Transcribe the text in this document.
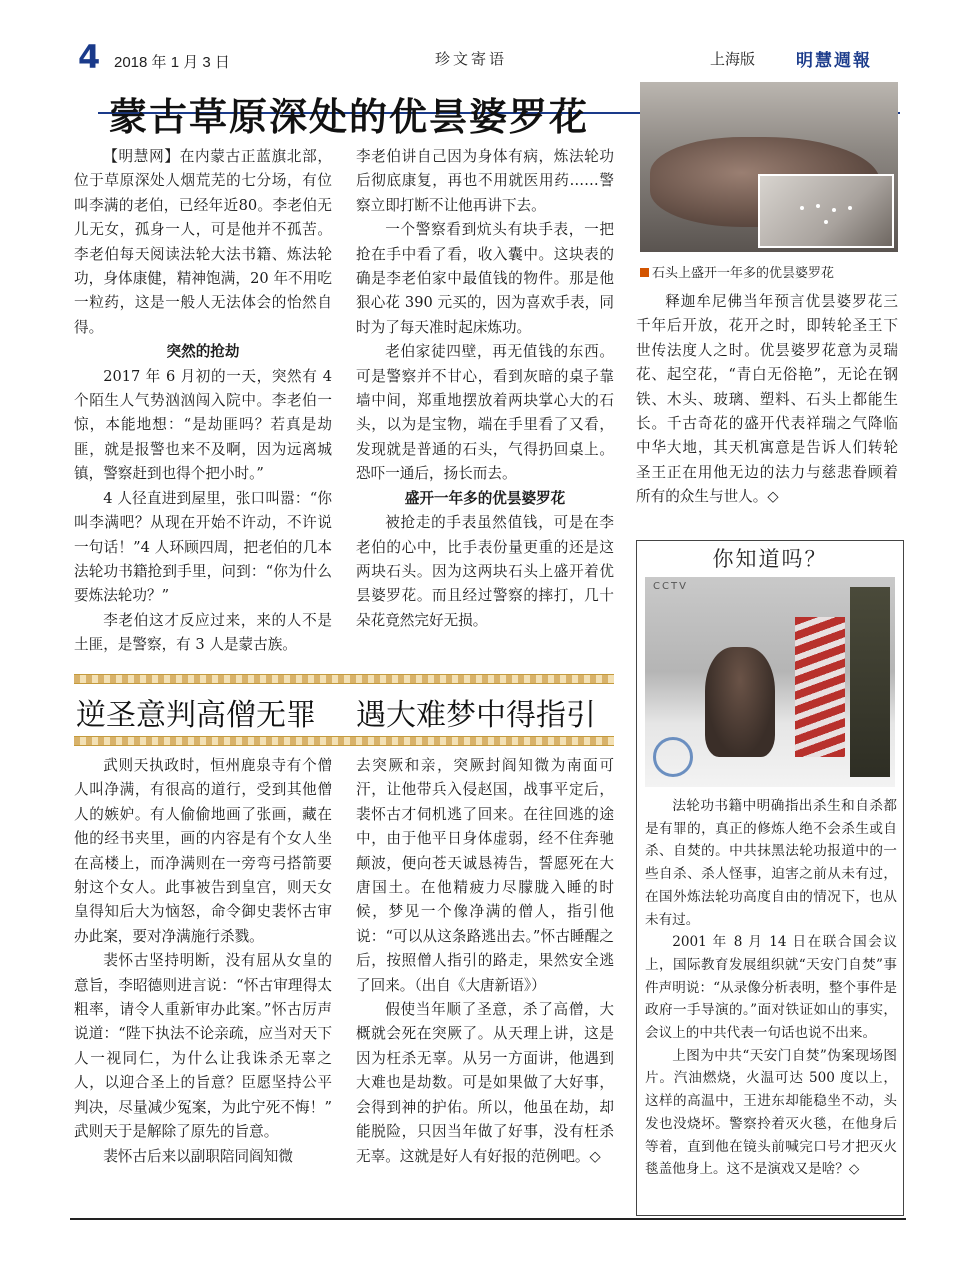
4 2018 年 1 月 3 日	珍文寄语	上海版 明慧週報
蒙古草原深处的优昙婆罗花

【明慧网】在内蒙古正蓝旗北部，位于草原深处人烟荒芜的七分场，有位叫李满的老伯，已经年近80。李老伯无儿无女，孤身一人，可是他并不孤苦。李老伯每天阅读法轮大法书籍、炼法轮功，身体康健，精神饱满，20 年不用吃一粒药，这是一般人无法体会的怡然自得。

突然的抢劫

2017 年 6 月初的一天，突然有 4个陌生人气势汹汹闯入院中。李老伯一惊，本能地想：“是劫匪吗？若真是劫匪，就是报警也来不及啊，因为远离城镇，警察赶到也得个把小时。”

4 人径直进到屋里，张口叫嚣：“你叫李满吧？从现在开始不许动，不许说一句话！”4 人环顾四周，把老伯的几本法轮功书籍抢到手里，问到：“你为什么要炼法轮功？”

李老伯这才反应过来，来的人不是土匪，是警察，有 3 人是蒙古族。

李老伯讲自己因为身体有病，炼法轮功后彻底康复，再也不用就医用药……警察立即打断不让他再讲下去。

一个警察看到炕头有块手表，一把抢在手中看了看，收入囊中。这块表的确是李老伯家中最值钱的物件。那是他狠心花 390 元买的，因为喜欢手表，同时为了每天准时起床炼功。

老伯家徒四壁，再无值钱的东西。可是警察并不甘心，看到灰暗的桌子靠墙中间，郑重地摆放着两块掌心大的石头，以为是宝物，端在手里看了又看，发现就是普通的石头，气得扔回桌上。恐吓一通后，扬长而去。

盛开一年多的优昙婆罗花

被抢走的手表虽然值钱，可是在李老伯的心中，比手表份量更重的还是这两块石头。因为这两块石头上盛开着优昙婆罗花。而且经过警察的摔打，几十朵花竟然完好无损。

石头上盛开一年多的优昙婆罗花

释迦牟尼佛当年预言优昙婆罗花三千年后开放，花开之时，即转轮圣王下世传法度人之时。优昙婆罗花意为灵瑞花、起空花，“青白无俗艳”，无论在钢铁、木头、玻璃、塑料、石头上都能生长。千古奇花的盛开代表祥瑞之气降临中华大地，其天机寓意是告诉人们转轮圣王正在用他无边的法力与慈悲眷顾着所有的众生与世人。◇

逆圣意判高僧无罪 遇大难梦中得指引

武则天执政时，恒州鹿泉寺有个僧人叫净满，有很高的道行，受到其他僧人的嫉妒。有人偷偷地画了张画，藏在他的经书夹里，画的内容是有个女人坐在高楼上，而净满则在一旁弯弓搭箭要射这个女人。此事被告到皇宫，则天女皇得知后大为恼怒，命令御史裴怀古审办此案，要对净满施行杀戮。

裴怀古坚持明断，没有屈从女皇的意旨，李昭德则进言说：“怀古审理得太粗率，请令人重新审办此案。”怀古厉声说道：“陛下执法不论亲疏，应当对天下人一视同仁，为什么让我诛杀无辜之人，以迎合圣上的旨意？臣愿坚持公平判决，尽量减少冤案，为此宁死不悔！” 武则天于是解除了原先的旨意。

裴怀古后来以副职陪同阎知微

去突厥和亲，突厥封阎知微为南面可汗，让他带兵入侵赵国，战事平定后，裴怀古才伺机逃了回来。在往回逃的途中，由于他平日身体虚弱，经不住奔驰颠波，便向苍天诚恳祷告，誓愿死在大唐国土。在他精疲力尽朦胧入睡的时候，梦见一个像净满的僧人，指引他说：“可以从这条路逃出去。”怀古睡醒之后，按照僧人指引的路走，果然安全逃了回来。（出自《大唐新语》）

假使当年顺了圣意，杀了高僧，大概就会死在突厥了。从天理上讲，这是因为枉杀无辜。从另一方面讲，他遇到大难也是劫数。可是如果做了大好事，会得到神的护佑。所以，他虽在劫，却能脱险，只因当年做了好事，没有枉杀无辜。这就是好人有好报的范例吧。◇

你知道吗？
CCTV

法轮功书籍中明确指出杀生和自杀都是有罪的，真正的修炼人绝不会杀生或自杀、自焚的。中共抹黑法轮功报道中的一些自杀、杀人怪事，迫害之前从未有过，在国外炼法轮功高度自由的情况下，也从未有过。

2001 年 8 月 14 日在联合国会议上，国际教育发展组织就“天安门自焚”事件声明说：“从录像分析表明，整个事件是政府一手导演的。”面对铁证如山的事实，会议上的中共代表一句话也说不出来。

上图为中共“天安门自焚”伪案现场图片。汽油燃烧，火温可达 500 度以上，这样的高温中，王进东却能稳坐不动，头发也没烧坏。警察拎着灭火毯，在他身后等着，直到他在镜头前喊完口号才把灭火毯盖他身上。这不是演戏又是啥？◇
